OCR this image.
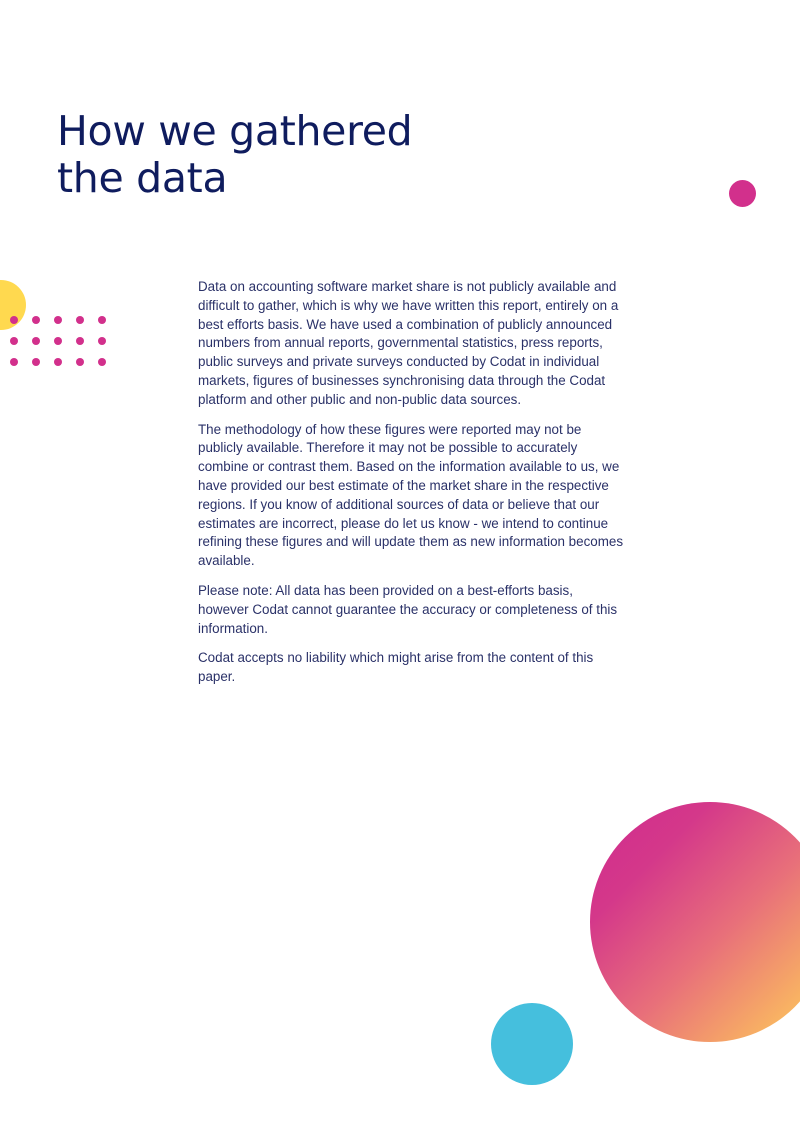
How we gathered
the data

Data on accounting software market share is not publicly available and difficult to gather, which is why we have written this report, entirely on a best efforts basis. We have used a combination of publicly announced numbers from annual reports, governmental statistics, press reports, public surveys and private surveys conducted by Codat in individual markets, figures of businesses synchronising data through the Codat platform and other public and non-public data sources.

The methodology of how these figures were reported may not be publicly available. Therefore it may not be possible to accurately combine or contrast them. Based on the information available to us, we have provided our best estimate of the market share in the respective regions. If you know of additional sources of data or believe that our estimates are incorrect, please do let us know - we intend to continue refining these figures and will update them as new information becomes available.

Please note: All data has been provided on a best-efforts basis, however Codat cannot guarantee the accuracy or completeness of this information.

Codat accepts no liability which might arise from the content of this paper.
